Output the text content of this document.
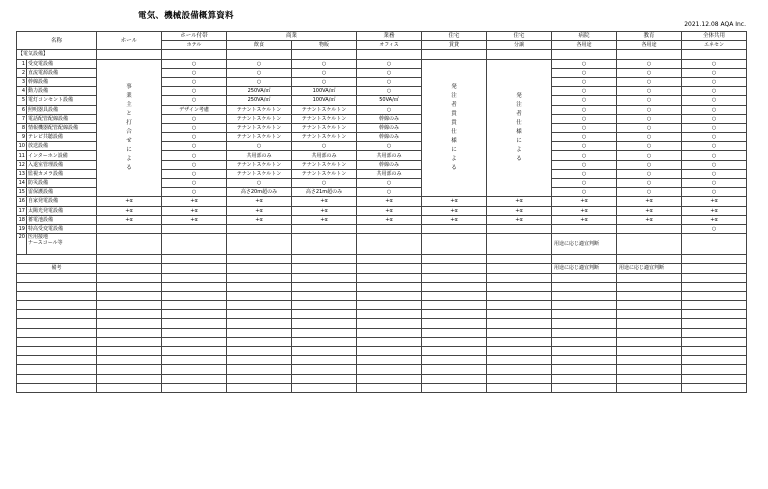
電気、機械設備概算資料
2021.12.08 AQA Inc.
名称		ホール	ホール付帯	商業		業務	住宅	住宅	病院	教育	全体共用
			ホテル	飲食	物販	オフィス	賃貸	分譲	各用途	各用途	エネセン
【電気設備】											
1	受変電設備	事業主と打合せによる	○	○	○	○	発注者貴貴仕様による	発注者仕様による	○	○	○
2	直流電源設備		○	○	○	○			○	○	○
3	幹線設備		○	○	○	○			○	○	○
4	動力設備		○	250VA/㎡	100VA/㎡	○			○	○	○
5	電灯コンセント設備		○	250VA/㎡	100VA/㎡	50VA/㎡			○	○	○
6	照明器具設備		デザイン考慮	テナントスケルトン	テナントスケルトン	○			○	○	○
7	電話配管配線設備		○	テナントスケルトン	テナントスケルトン	幹線のみ			○	○	○
8	情報機器配管配線設備		○	テナントスケルトン	テナントスケルトン	幹線のみ			○	○	○
9	テレビ共聴設備		○	テナントスケルトン	テナントスケルトン	幹線のみ			○	○	○
10	放送設備		○	○	○	○			○	○	○
11	インターホン設備		○	共用部のみ	共用部のみ	共用部のみ			○	○	○
12	入退室管理設備		○	テナントスケルトン	テナントスケルトン	幹線のみ			○	○	○
13	監視カメラ設備		○	テナントスケルトン	テナントスケルトン	共用部のみ			○	○	○
14	防災設備		○	○	○	○			○	○	○
15	雷保護設備		○	高さ20m超のみ	高さ21m超のみ	○			○	○	○
16	自家発電設備	+α	+α	+α	+α	+α	+α	+α	+α	+α	+α
17	太陽光発電設備	+α	+α	+α	+α	+α	+α	+α	+α	+α	+α
18	蓄電池設備	+α	+α	+α	+α	+α	+α	+α	+α	+α	+α
19	特高受変電設備										○
20	医用接地
ナースコール等								用途に応じ適宜判断		

備考									用途に応じ適宜判断	用途に応じ適宜判断	
